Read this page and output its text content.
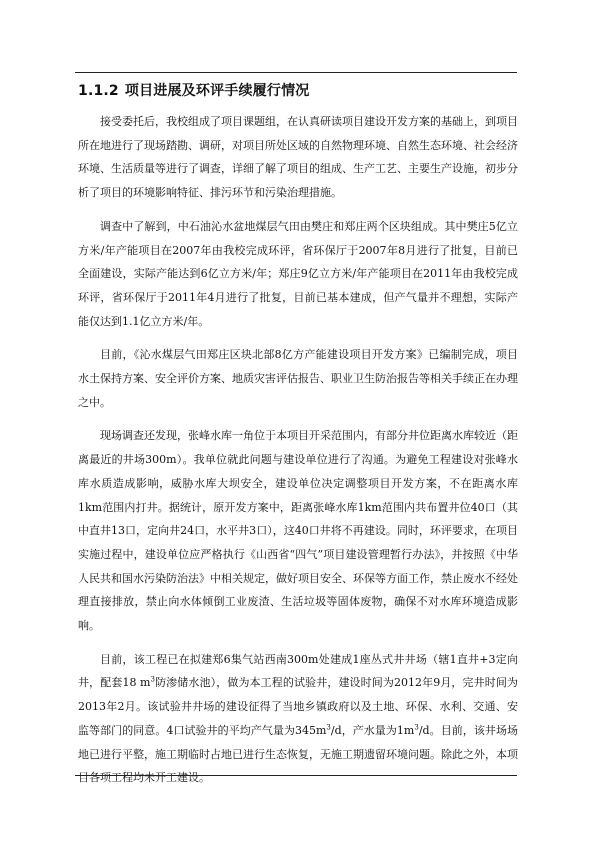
1.1.2 项目进展及环评手续履行情况

接受委托后，我校组成了项目课题组，在认真研读项目建设开发方案的基础上，到项目所在地进行了现场踏勘、调研，对项目所处区域的自然物理环境、自然生态环境、社会经济环境、生活质量等进行了调查，详细了解了项目的组成、生产工艺、主要生产设施，初步分析了项目的环境影响特征、排污环节和污染治理措施。

调查中了解到，中石油沁水盆地煤层气田由樊庄和郑庄两个区块组成。其中樊庄5亿立方米/年产能项目在2007年由我校完成环评，省环保厅于2007年8月进行了批复，目前已全面建设，实际产能达到6亿立方米/年；郑庄9亿立方米/年产能项目在2011年由我校完成环评，省环保厅于2011年4月进行了批复，目前已基本建成，但产气量并不理想，实际产能仅达到1.1亿立方米/年。

目前，《沁水煤层气田郑庄区块北部8亿方产能建设项目开发方案》已编制完成，项目水土保持方案、安全评价方案、地质灾害评估报告、职业卫生防治报告等相关手续正在办理之中。

现场调查还发现，张峰水库一角位于本项目开采范围内，有部分井位距离水库较近（距离最近的井场300m）。我单位就此问题与建设单位进行了沟通。为避免工程建设对张峰水库水质造成影响，威胁水库大坝安全，建设单位决定调整项目开发方案，不在距离水库1km范围内打井。据统计，原开发方案中，距离张峰水库1km范围内共布置井位40口（其中直井13口，定向井24口，水平井3口），这40口井将不再建设。同时，环评要求，在项目实施过程中，建设单位应严格执行《山西省“四气”项目建设管理暂行办法》，并按照《中华人民共和国水污染防治法》中相关规定，做好项目安全、环保等方面工作，禁止废水不经处理直接排放，禁止向水体倾倒工业废渣、生活垃圾等固体废物，确保不对水库环境造成影响。

目前，该工程已在拟建郑6集气站西南300m处建成1座丛式井井场（辖1直井+3定向井，配套18 $m^3$防渗储水池），做为本工程的试验井，建设时间为2012年9月，完井时间为2013年2月。该试验井井场的建设征得了当地乡镇政府以及土地、环保、水利、交通、安监等部门的同意。4口试验井的平均产气量为$345m^3/d$，产水量为$1m^3/d$。目前，该井场场地已进行平整，施工期临时占地已进行生态恢复，无施工期遗留环境问题。除此之外，本项目各项工程均未开工建设。
